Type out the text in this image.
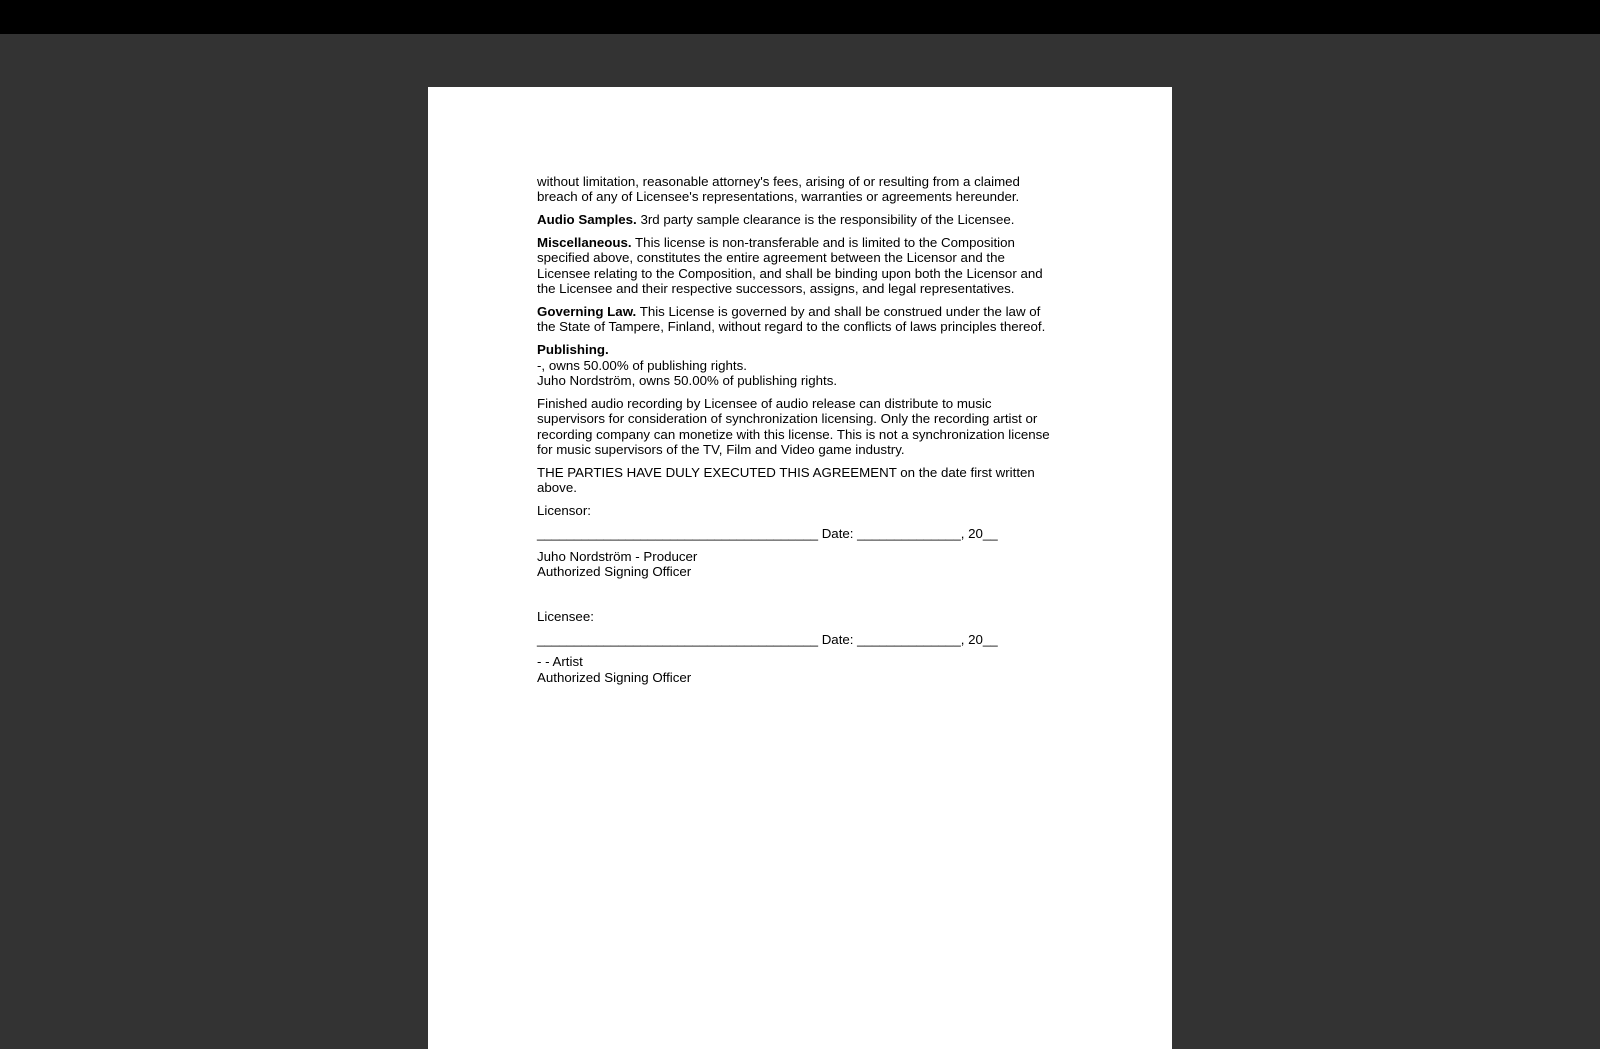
without limitation, reasonable attorney's fees, arising of or resulting from a claimed
breach of any of Licensee's representations, warranties or agreements hereunder.
Audio Samples. 3rd party sample clearance is the responsibility of the Licensee.
Miscellaneous. This license is non-transferable and is limited to the Composition
specified above, constitutes the entire agreement between the Licensor and the
Licensee relating to the Composition, and shall be binding upon both the Licensor and
the Licensee and their respective successors, assigns, and legal representatives.
Governing Law. This License is governed by and shall be construed under the law of
the State of Tampere, Finland, without regard to the conflicts of laws principles thereof.
Publishing.
-, owns 50.00% of publishing rights.
Juho Nordström, owns 50.00% of publishing rights.
Finished audio recording by Licensee of audio release can distribute to music
supervisors for consideration of synchronization licensing. Only the recording artist or
recording company can monetize with this license. This is not a synchronization license
for music supervisors of the TV, Film and Video game industry.
THE PARTIES HAVE DULY EXECUTED THIS AGREEMENT on the date first written
above.
Licensor:
______________________________________ Date: ______________, 20__
Juho Nordström - Producer
Authorized Signing Officer
Licensee:
______________________________________ Date: ______________, 20__
- - Artist
Authorized Signing Officer
